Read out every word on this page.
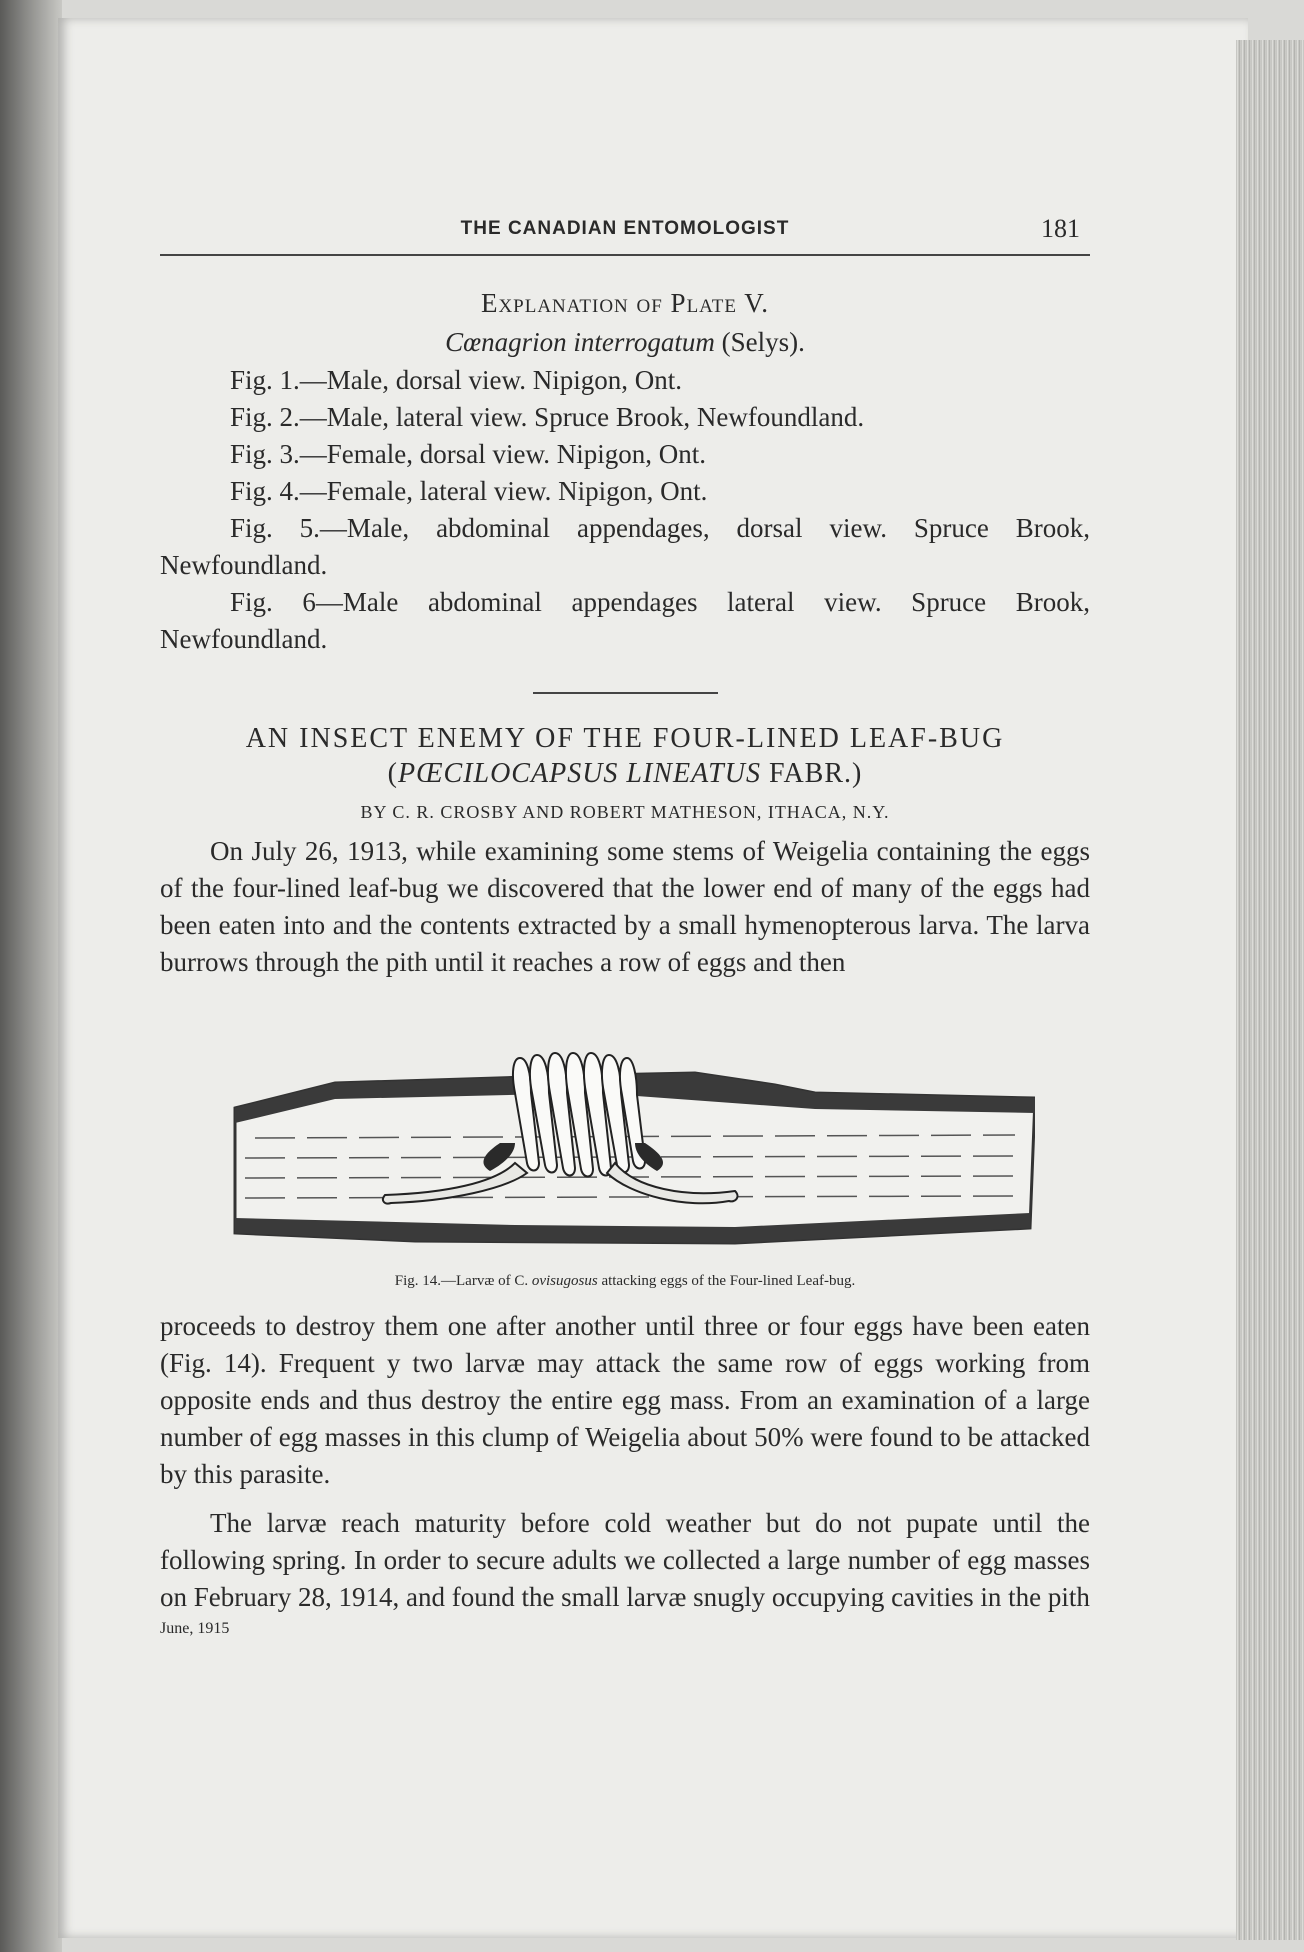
THE CANADIAN ENTOMOLOGIST	181
Explanation of Plate V.
Cœnagrion interrogatum (Selys).

Fig. 1.—Male, dorsal view. Nipigon, Ont.

Fig. 2.—Male, lateral view. Spruce Brook, Newfoundland.

Fig. 3.—Female, dorsal view. Nipigon, Ont.

Fig. 4.—Female, lateral view. Nipigon, Ont.

Fig. 5.—Male, abdominal appendages, dorsal view. Spruce Brook, Newfoundland.

Fig. 6—Male abdominal appendages lateral view. Spruce Brook, Newfoundland.

AN INSECT ENEMY OF THE FOUR-LINED LEAF-BUG

(PŒCILOCAPSUS LINEATUS FABR.)

BY C. R. CROSBY AND ROBERT MATHESON, ITHACA, N.Y.

On July 26, 1913, while examining some stems of Weigelia containing the eggs of the four-lined leaf-bug we discovered that the lower end of many of the eggs had been eaten into and the contents extracted by a small hymenopterous larva. The larva burrows through the pith until it reaches a row of eggs and then

Fig. 14.—Larvæ of C. ovisugosus attacking eggs of the Four-lined Leaf-bug.

proceeds to destroy them one after another until three or four eggs have been eaten (Fig. 14). Frequent y two larvæ may attack the same row of eggs working from opposite ends and thus destroy the entire egg mass. From an examination of a large number of egg masses in this clump of Weigelia about 50% were found to be attacked by this parasite.

The larvæ reach maturity before cold weather but do not pupate until the following spring. In order to secure adults we collected a large number of egg masses on February 28, 1914, and found the small larvæ snugly occupying cavities in the pith

June, 1915
